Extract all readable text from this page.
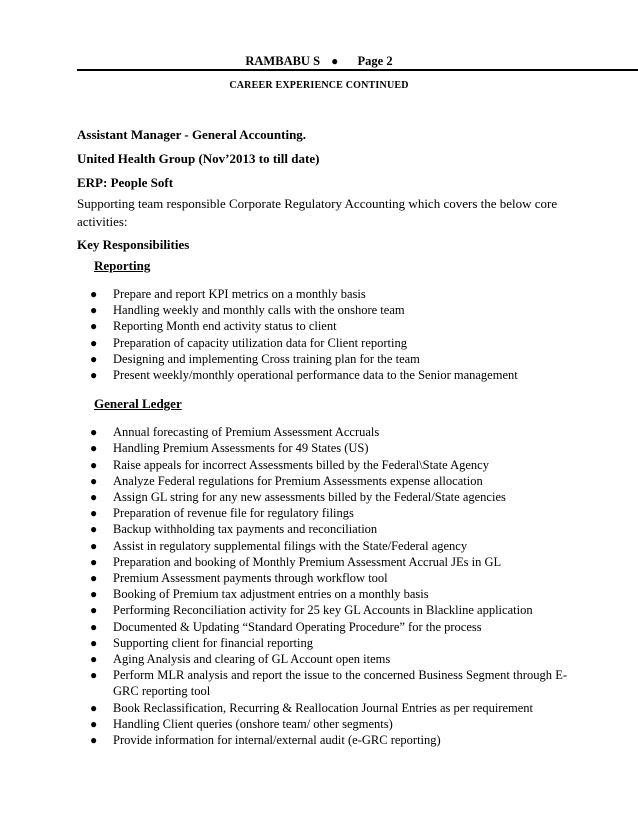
RAMBABU S ● Page 2
CAREER EXPERIENCE CONTINUED
Assistant Manager - General Accounting.
United Health Group (Nov’2013 to till date)
ERP: People Soft
Supporting team responsible Corporate Regulatory Accounting which covers the below core activities:
Key Responsibilities
Reporting
● Prepare and report KPI metrics on a monthly basis
● Handling weekly and monthly calls with the onshore team
● Reporting Month end activity status to client
● Preparation of capacity utilization data for Client reporting
● Designing and implementing Cross training plan for the team
● Present weekly/monthly operational performance data to the Senior management
General Ledger
● Annual forecasting of Premium Assessment Accruals
● Handling Premium Assessments for 49 States (US)
● Raise appeals for incorrect Assessments billed by the Federal\State Agency
● Analyze Federal regulations for Premium Assessments expense allocation
● Assign GL string for any new assessments billed by the Federal/State agencies
● Preparation of revenue file for regulatory filings
● Backup withholding tax payments and reconciliation
● Assist in regulatory supplemental filings with the State/Federal agency
● Preparation and booking of Monthly Premium Assessment Accrual JEs in GL
● Premium Assessment payments through workflow tool
● Booking of Premium tax adjustment entries on a monthly basis
● Performing Reconciliation activity for 25 key GL Accounts in Blackline application
● Documented & Updating “Standard Operating Procedure” for the process
● Supporting client for financial reporting
● Aging Analysis and clearing of GL Account open items
● Perform MLR analysis and report the issue to the concerned Business Segment through E-GRC reporting tool
● Book Reclassification, Recurring & Reallocation Journal Entries as per requirement
● Handling Client queries (onshore team/ other segments)
● Provide information for internal/external audit (e-GRC reporting)
